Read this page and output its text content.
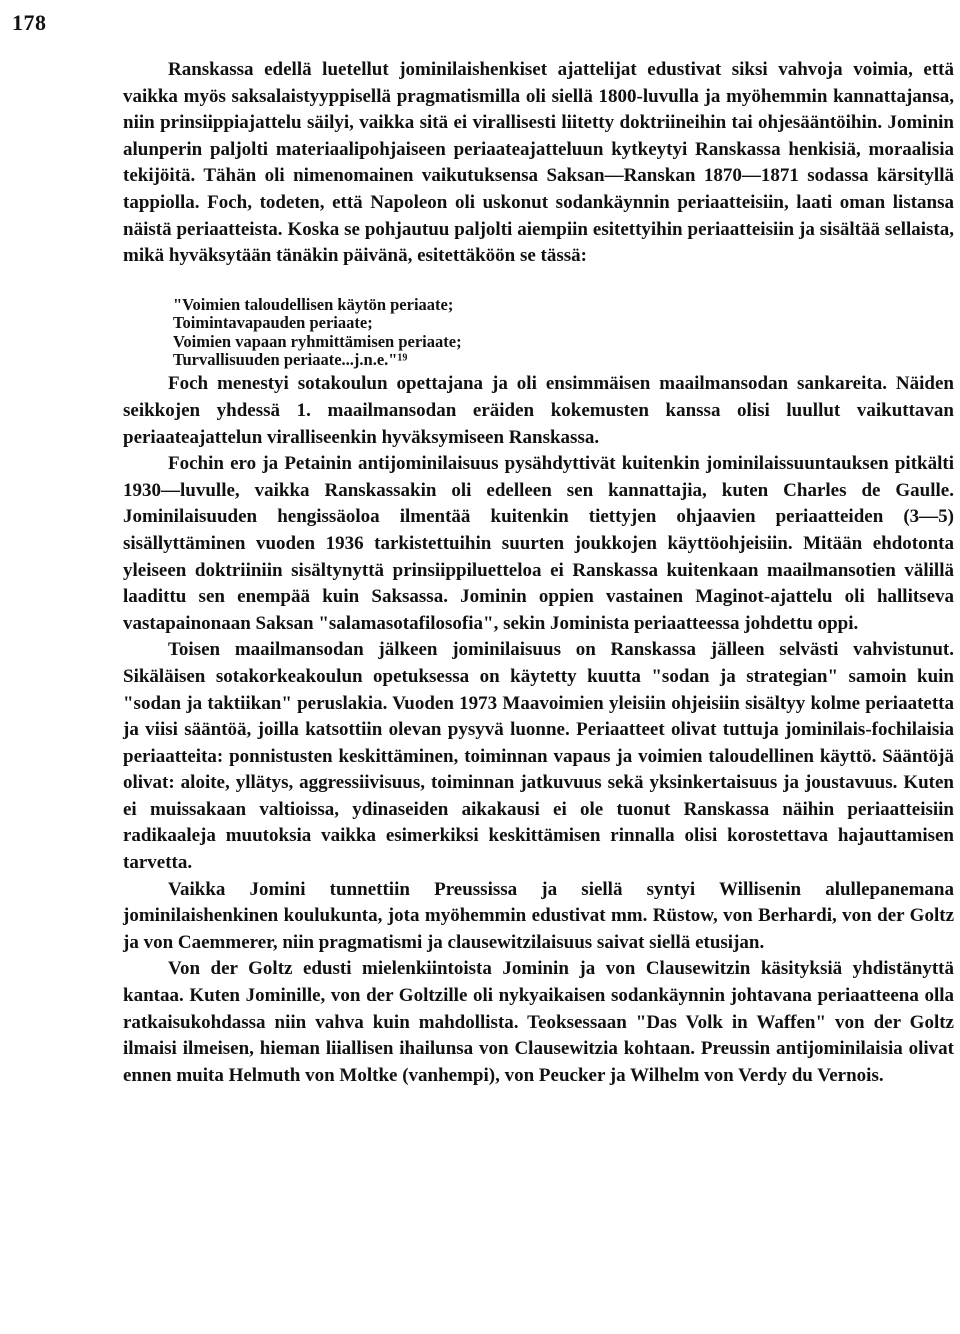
178

Ranskassa edellä luetellut jominilaishenkiset ajattelijat edustivat siksi vahvoja voimia, että vaikka myös saksalaistyyppisellä pragmatismilla oli siellä 1800-luvulla ja myöhemmin kannattajansa, niin prinsiippiajattelu säilyi, vaikka sitä ei virallisesti liitetty doktriineihin tai ohjesääntöihin. Jominin alunperin paljolti materiaalipohjaiseen periaateajatteluun kytkeytyi Ranskassa henkisiä, moraalisia tekijöitä. Tähän oli nimenomainen vaikutuksensa Saksan—Ranskan 1870—1871 sodassa kärsityllä tappiolla. Foch, todeten, että Napoleon oli uskonut sodankäynnin periaatteisiin, laati oman listansa näistä periaatteista. Koska se pohjautuu paljolti aiempiin esitettyihin periaatteisiin ja sisältää sellaista, mikä hyväksytään tänäkin päivänä, esitettäköön se tässä:

"Voimien taloudellisen käytön periaate;
Toimintavapauden periaate;
Voimien vapaan ryhmittämisen periaate;
Turvallisuuden periaate...j.n.e."¹⁹

Foch menestyi sotakoulun opettajana ja oli ensimmäisen maailmansodan sankareita. Näiden seikkojen yhdessä 1. maailmansodan eräiden kokemusten kanssa olisi luullut vaikuttavan periaateajattelun viralliseenkin hyväksymiseen Ranskassa.

Fochin ero ja Petainin antijominilaisuus pysähdyttivät kuitenkin jominilaissuuntauksen pitkälti 1930—luvulle, vaikka Ranskassakin oli edelleen sen kannattajia, kuten Charles de Gaulle. Jominilaisuuden hengissäoloa ilmentää kuitenkin tiettyjen ohjaavien periaatteiden (3—5) sisällyttäminen vuoden 1936 tarkistettuihin suurten joukkojen käyttöohjeisiin. Mitään ehdotonta yleiseen doktriiniin sisältynyttä prinsiippiluetteloa ei Ranskassa kuitenkaan maailmansotien välillä laadittu sen enempää kuin Saksassa. Jominin oppien vastainen Maginot-ajattelu oli hallitseva vastapainonaan Saksan "salamasotafilosofia", sekin Jominista periaatteessa johdettu oppi.

Toisen maailmansodan jälkeen jominilaisuus on Ranskassa jälleen selvästi vahvistunut. Sikäläisen sotakorkeakoulun opetuksessa on käytetty kuutta "sodan ja strategian" samoin kuin "sodan ja taktiikan" peruslakia. Vuoden 1973 Maavoimien yleisiin ohjeisiin sisältyy kolme periaatetta ja viisi sääntöä, joilla katsottiin olevan pysyvä luonne. Periaatteet olivat tuttuja jominilais-fochilaisia periaatteita: ponnistusten keskittäminen, toiminnan vapaus ja voimien taloudellinen käyttö. Sääntöjä olivat: aloite, yllätys, aggressiivisuus, toiminnan jatkuvuus sekä yksinkertaisuus ja joustavuus. Kuten ei muissakaan valtioissa, ydinaseiden aikakausi ei ole tuonut Ranskassa näihin periaatteisiin radikaaleja muutoksia vaikka esimerkiksi keskittämisen rinnalla olisi korostettava hajauttamisen tarvetta.

Vaikka Jomini tunnettiin Preussissa ja siellä syntyi Willisenin alullepanemana jominilaishenkinen koulukunta, jota myöhemmin edustivat mm. Rüstow, von Berhardi, von der Goltz ja von Caemmerer, niin pragmatismi ja clausewitzilaisuus saivat siellä etusijan.

Von der Goltz edusti mielenkiintoista Jominin ja von Clausewitzin käsityksiä yhdistänyttä kantaa. Kuten Jominille, von der Goltzille oli nykyaikaisen sodankäynnin johtavana periaatteena olla ratkaisukohdassa niin vahva kuin mahdollista. Teoksessaan "Das Volk in Waffen" von der Goltz ilmaisi ilmeisen, hieman liiallisen ihailunsa von Clausewitzia kohtaan. Preussin antijominilaisia olivat ennen muita Helmuth von Moltke (vanhempi), von Peucker ja Wilhelm von Verdy du Vernois.
